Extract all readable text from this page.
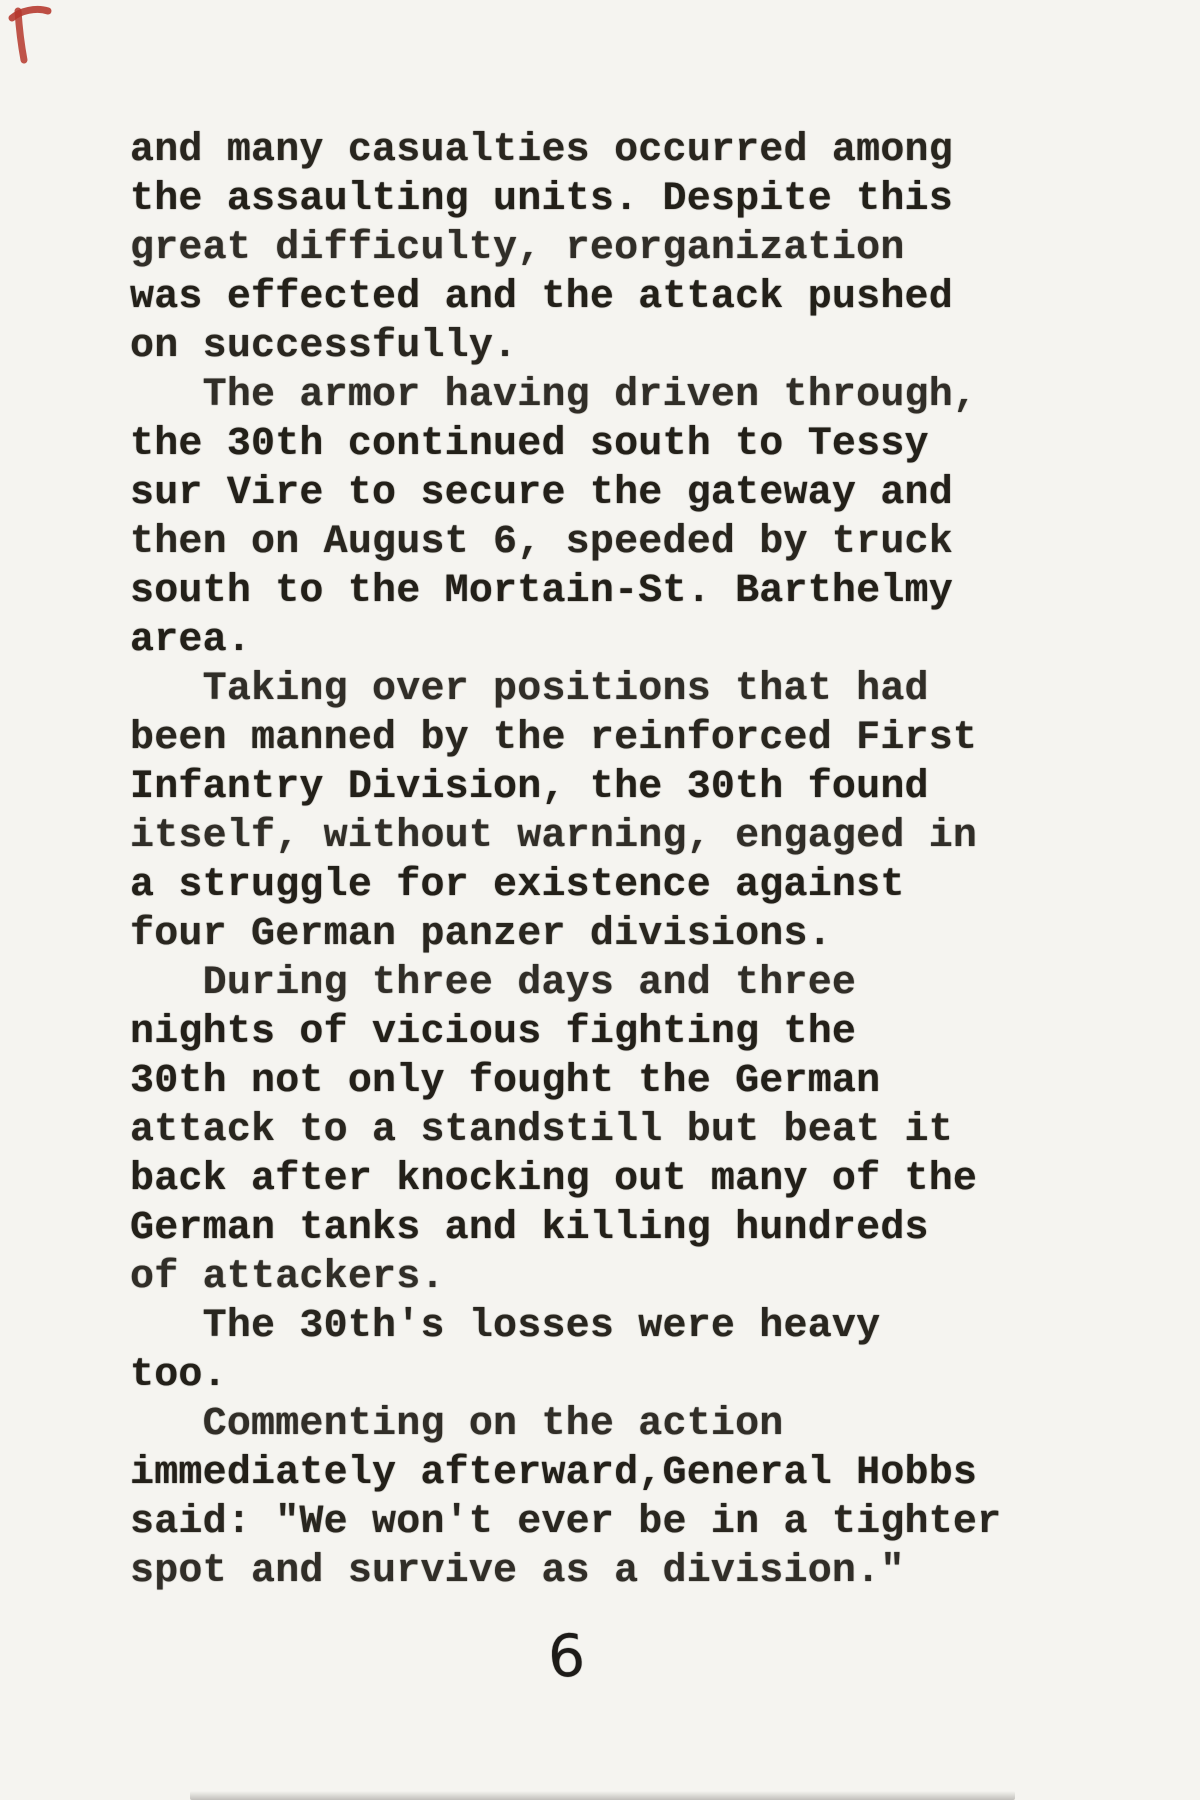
and many casualties occurred among
the assaulting units. Despite this
great difficulty, reorganization
was effected and the attack pushed
on successfully.
The armor having driven through,
the 30th continued south to Tessy
sur Vire to secure the gateway and
then on August 6, speeded by truck
south to the Mortain-St. Barthelmy
area.
Taking over positions that had
been manned by the reinforced First
Infantry Division, the 30th found
itself, without warning, engaged in
a struggle for existence against
four German panzer divisions.
During three days and three
nights of vicious fighting the
30th not only fought the German
attack to a standstill but beat it
back after knocking out many of the
German tanks and killing hundreds
of attackers.
The 30th's losses were heavy
too.
Commenting on the action
immediately afterward,General Hobbs
said: "We won't ever be in a tighter
spot and survive as a division."
6
